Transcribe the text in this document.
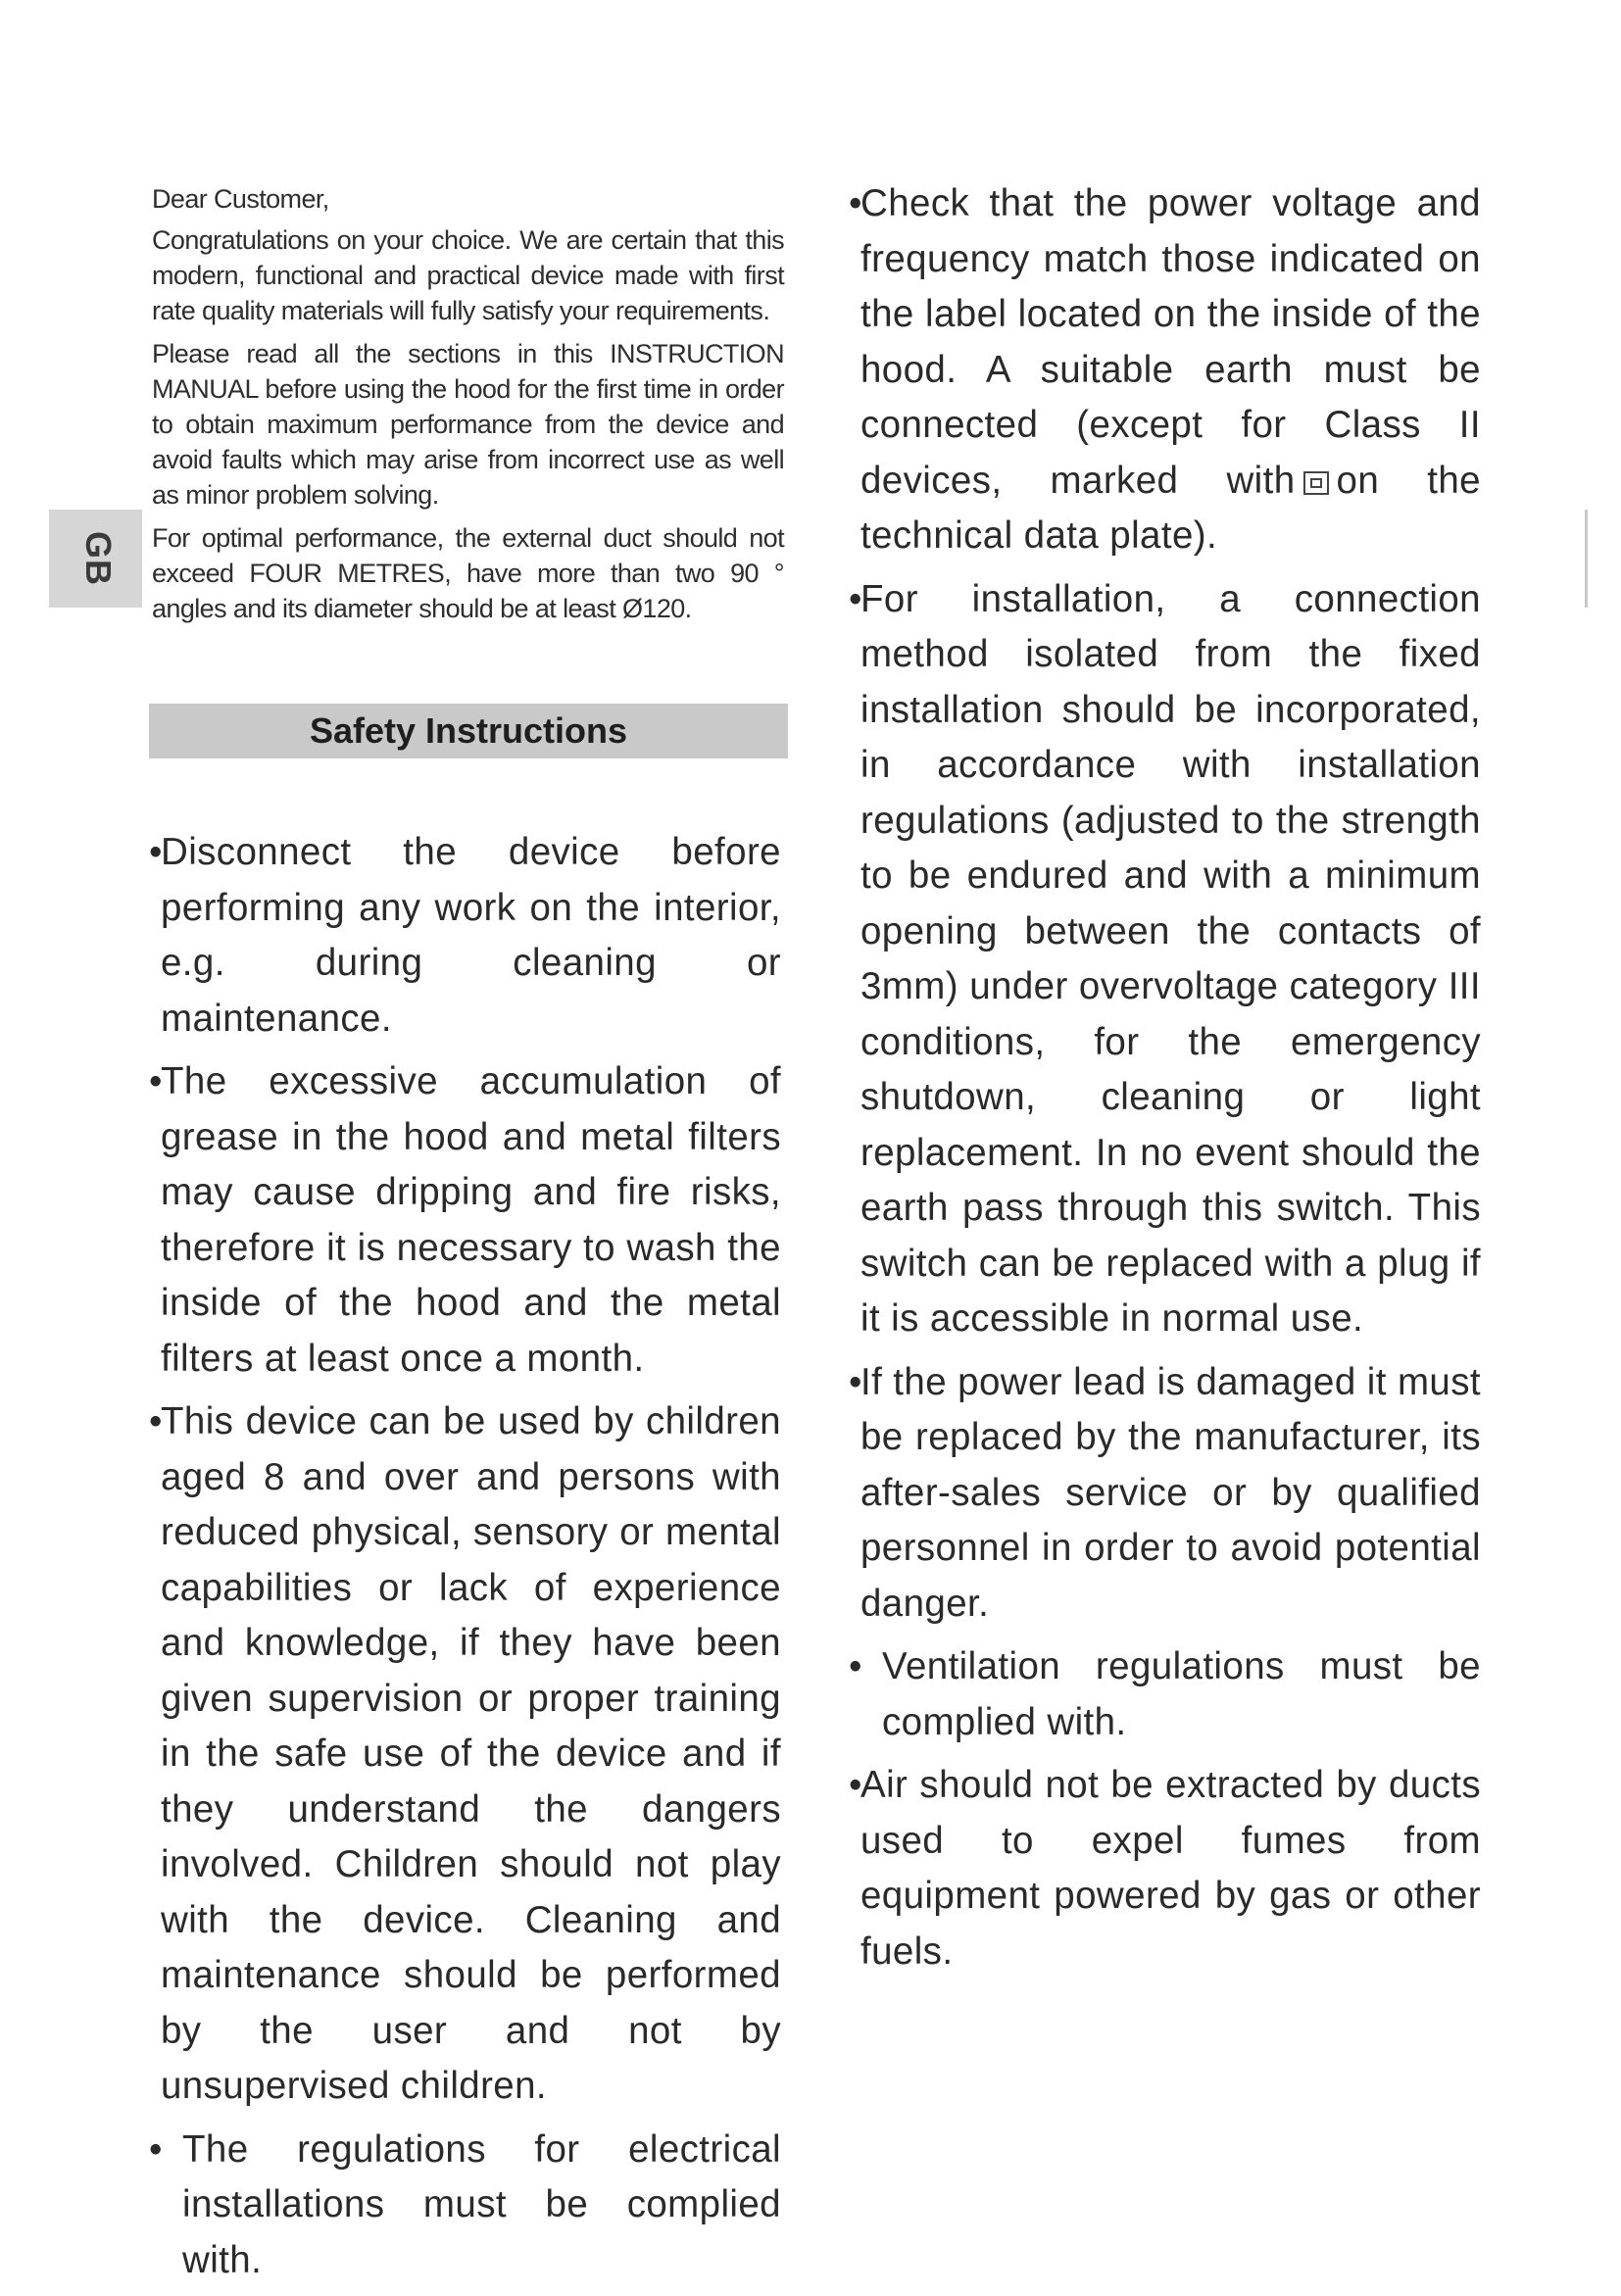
GB

Dear Customer,

Congratulations on your choice. We are certain that this modern, functional and practical device made with first rate quality materials will fully satisfy your requirements.

Please read all the sections in this INSTRUCTION MANUAL before using the hood for the first time in order to obtain maximum performance from the device and avoid faults which may arise from incorrect use as well as minor problem solving.

For optimal performance, the external duct should not exceed FOUR METRES, have more than two 90 ° angles and its diameter should be at least Ø120.

Safety Instructions
•
Disconnect the device before performing any work on the interior, e.g. during cleaning or maintenance.
•
The excessive accumulation of grease in the hood and metal filters may cause dripping and fire risks, therefore it is necessary to wash the inside of the hood and the metal filters at least once a month.
•
This device can be used by children aged 8 and over and persons with reduced physical, sensory or mental capabilities or lack of experience and knowledge, if they have been given supervision or proper training in the safe use of the device and if they understand the dangers involved. Children should not play with the device. Cleaning and maintenance should be performed by the user and not by unsupervised children.
• The regulations for electrical installations must be complied with.
•
Check that the power voltage and frequency match those indicated on the label located on the inside of the hood. A suitable earth must be connected (except for Class II devices, marked with on the technical data plate).
•
For installation, a connection method isolated from the fixed installation should be incorporated, in accordance with installation regulations (adjusted to the strength to be endured and with a minimum opening between the contacts of 3mm) under overvoltage category III conditions, for the emergency shutdown, cleaning or light replacement. In no event should the earth pass through this switch. This switch can be replaced with a plug if it is accessible in normal use.
•
If the power lead is damaged it must be replaced by the manufacturer, its after-sales service or by qualified personnel in order to avoid potential danger.
• Ventilation regulations must be complied with.
•
Air should not be extracted by ducts used to expel fumes from equipment powered by gas or other fuels.
